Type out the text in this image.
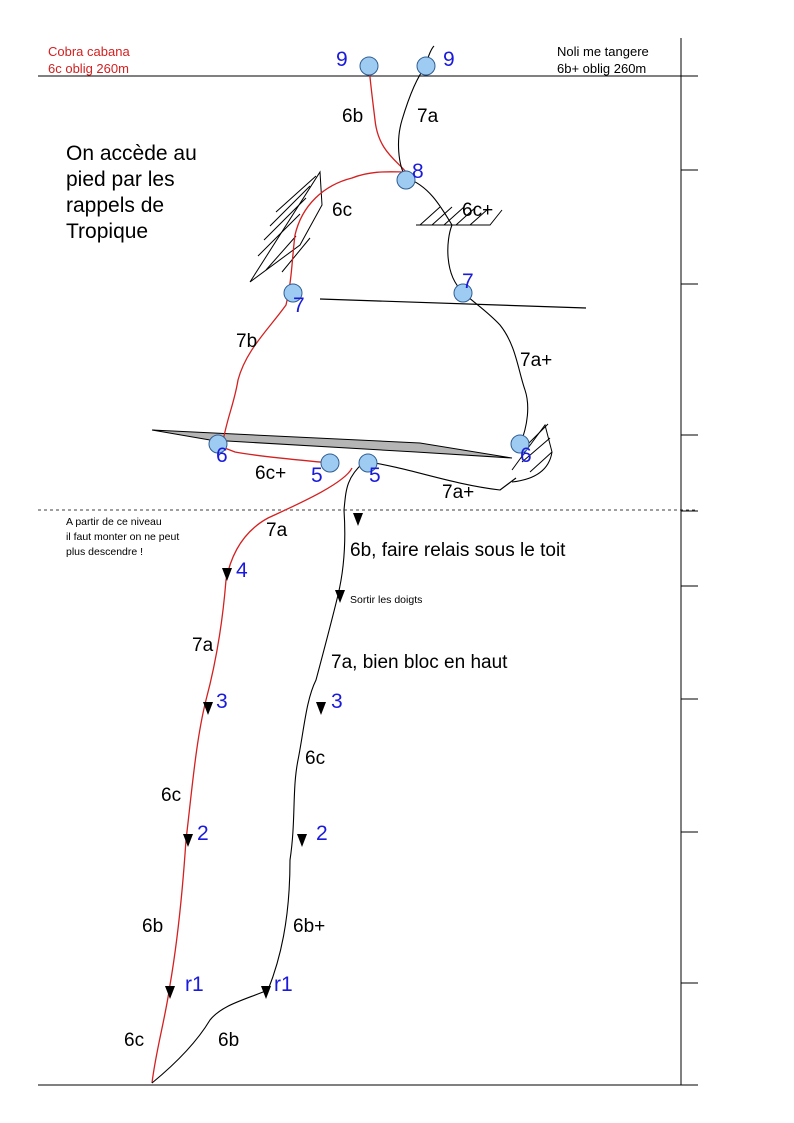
Cobra cabana
6c oblig 260m
Noli me tangere
6b+ oblig 260m
On accède au pied par les rappels de Tropique
A partir de ce niveau il faut monter on ne peut plus descendre !
9	9
8
7
7
6	6
5 5
4
3	3
2	2
r1	r1
6b
6c
7b
6c+
7a
7a
6c
6b
6c
7a
6c+
7a+
7a+
6c
6b+
6b
6b, faire relais sous le toit
Sortir les doigts
7a, bien bloc en haut
